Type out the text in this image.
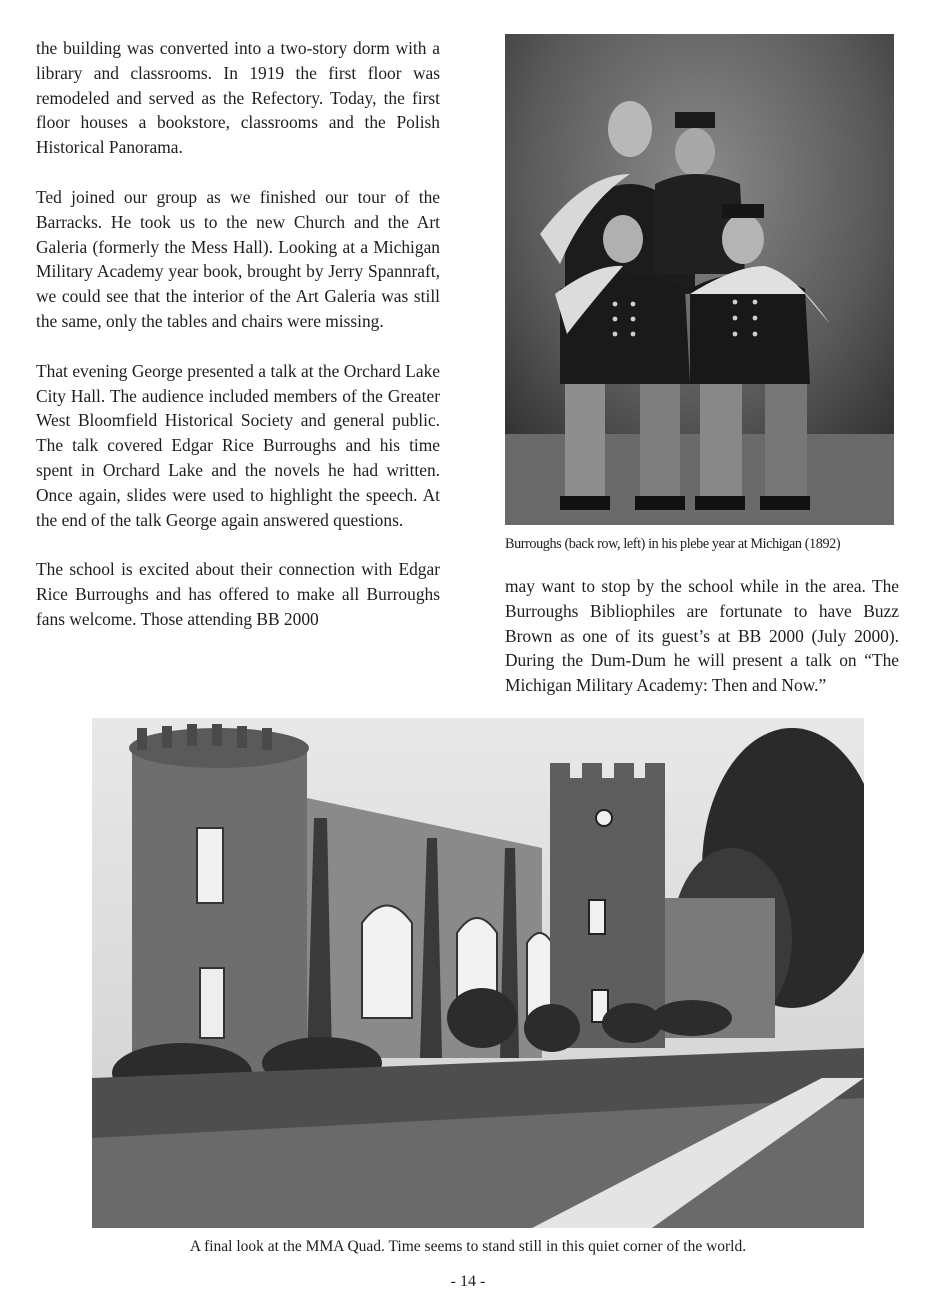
the building was converted into a two-story dorm with a library and classrooms. In 1919 the first floor was remodeled and served as the Refectory. Today, the first floor houses a bookstore, classrooms and the Polish Historical Panorama.

Ted joined our group as we finished our tour of the Barracks. He took us to the new Church and the Art Galeria (formerly the Mess Hall). Looking at a Michigan Military Academy year book, brought by Jerry Spannraft, we could see that the interior of the Art Galeria was still the same, only the tables and chairs were missing.

That evening George presented a talk at the Orchard Lake City Hall. The audience included members of the Greater West Bloomfield Historical Society and general public. The talk covered Edgar Rice Burroughs and his time spent in Orchard Lake and the novels he had written. Once again, slides were used to highlight the speech. At the end of the talk George again answered questions.

The school is excited about their connection with Edgar Rice Burroughs and has offered to make all Burroughs fans welcome. Those attending BB 2000

Burroughs (back row, left) in his plebe year at Michigan (1892)

may want to stop by the school while in the area. The Burroughs Bibliophiles are fortunate to have Buzz Brown as one of its guest’s at BB 2000 (July 2000). During the Dum-Dum he will present a talk on “The Michigan Military Academy: Then and Now.”

A final look at the MMA Quad. Time seems to stand still in this quiet corner of the world.
- 14 -
